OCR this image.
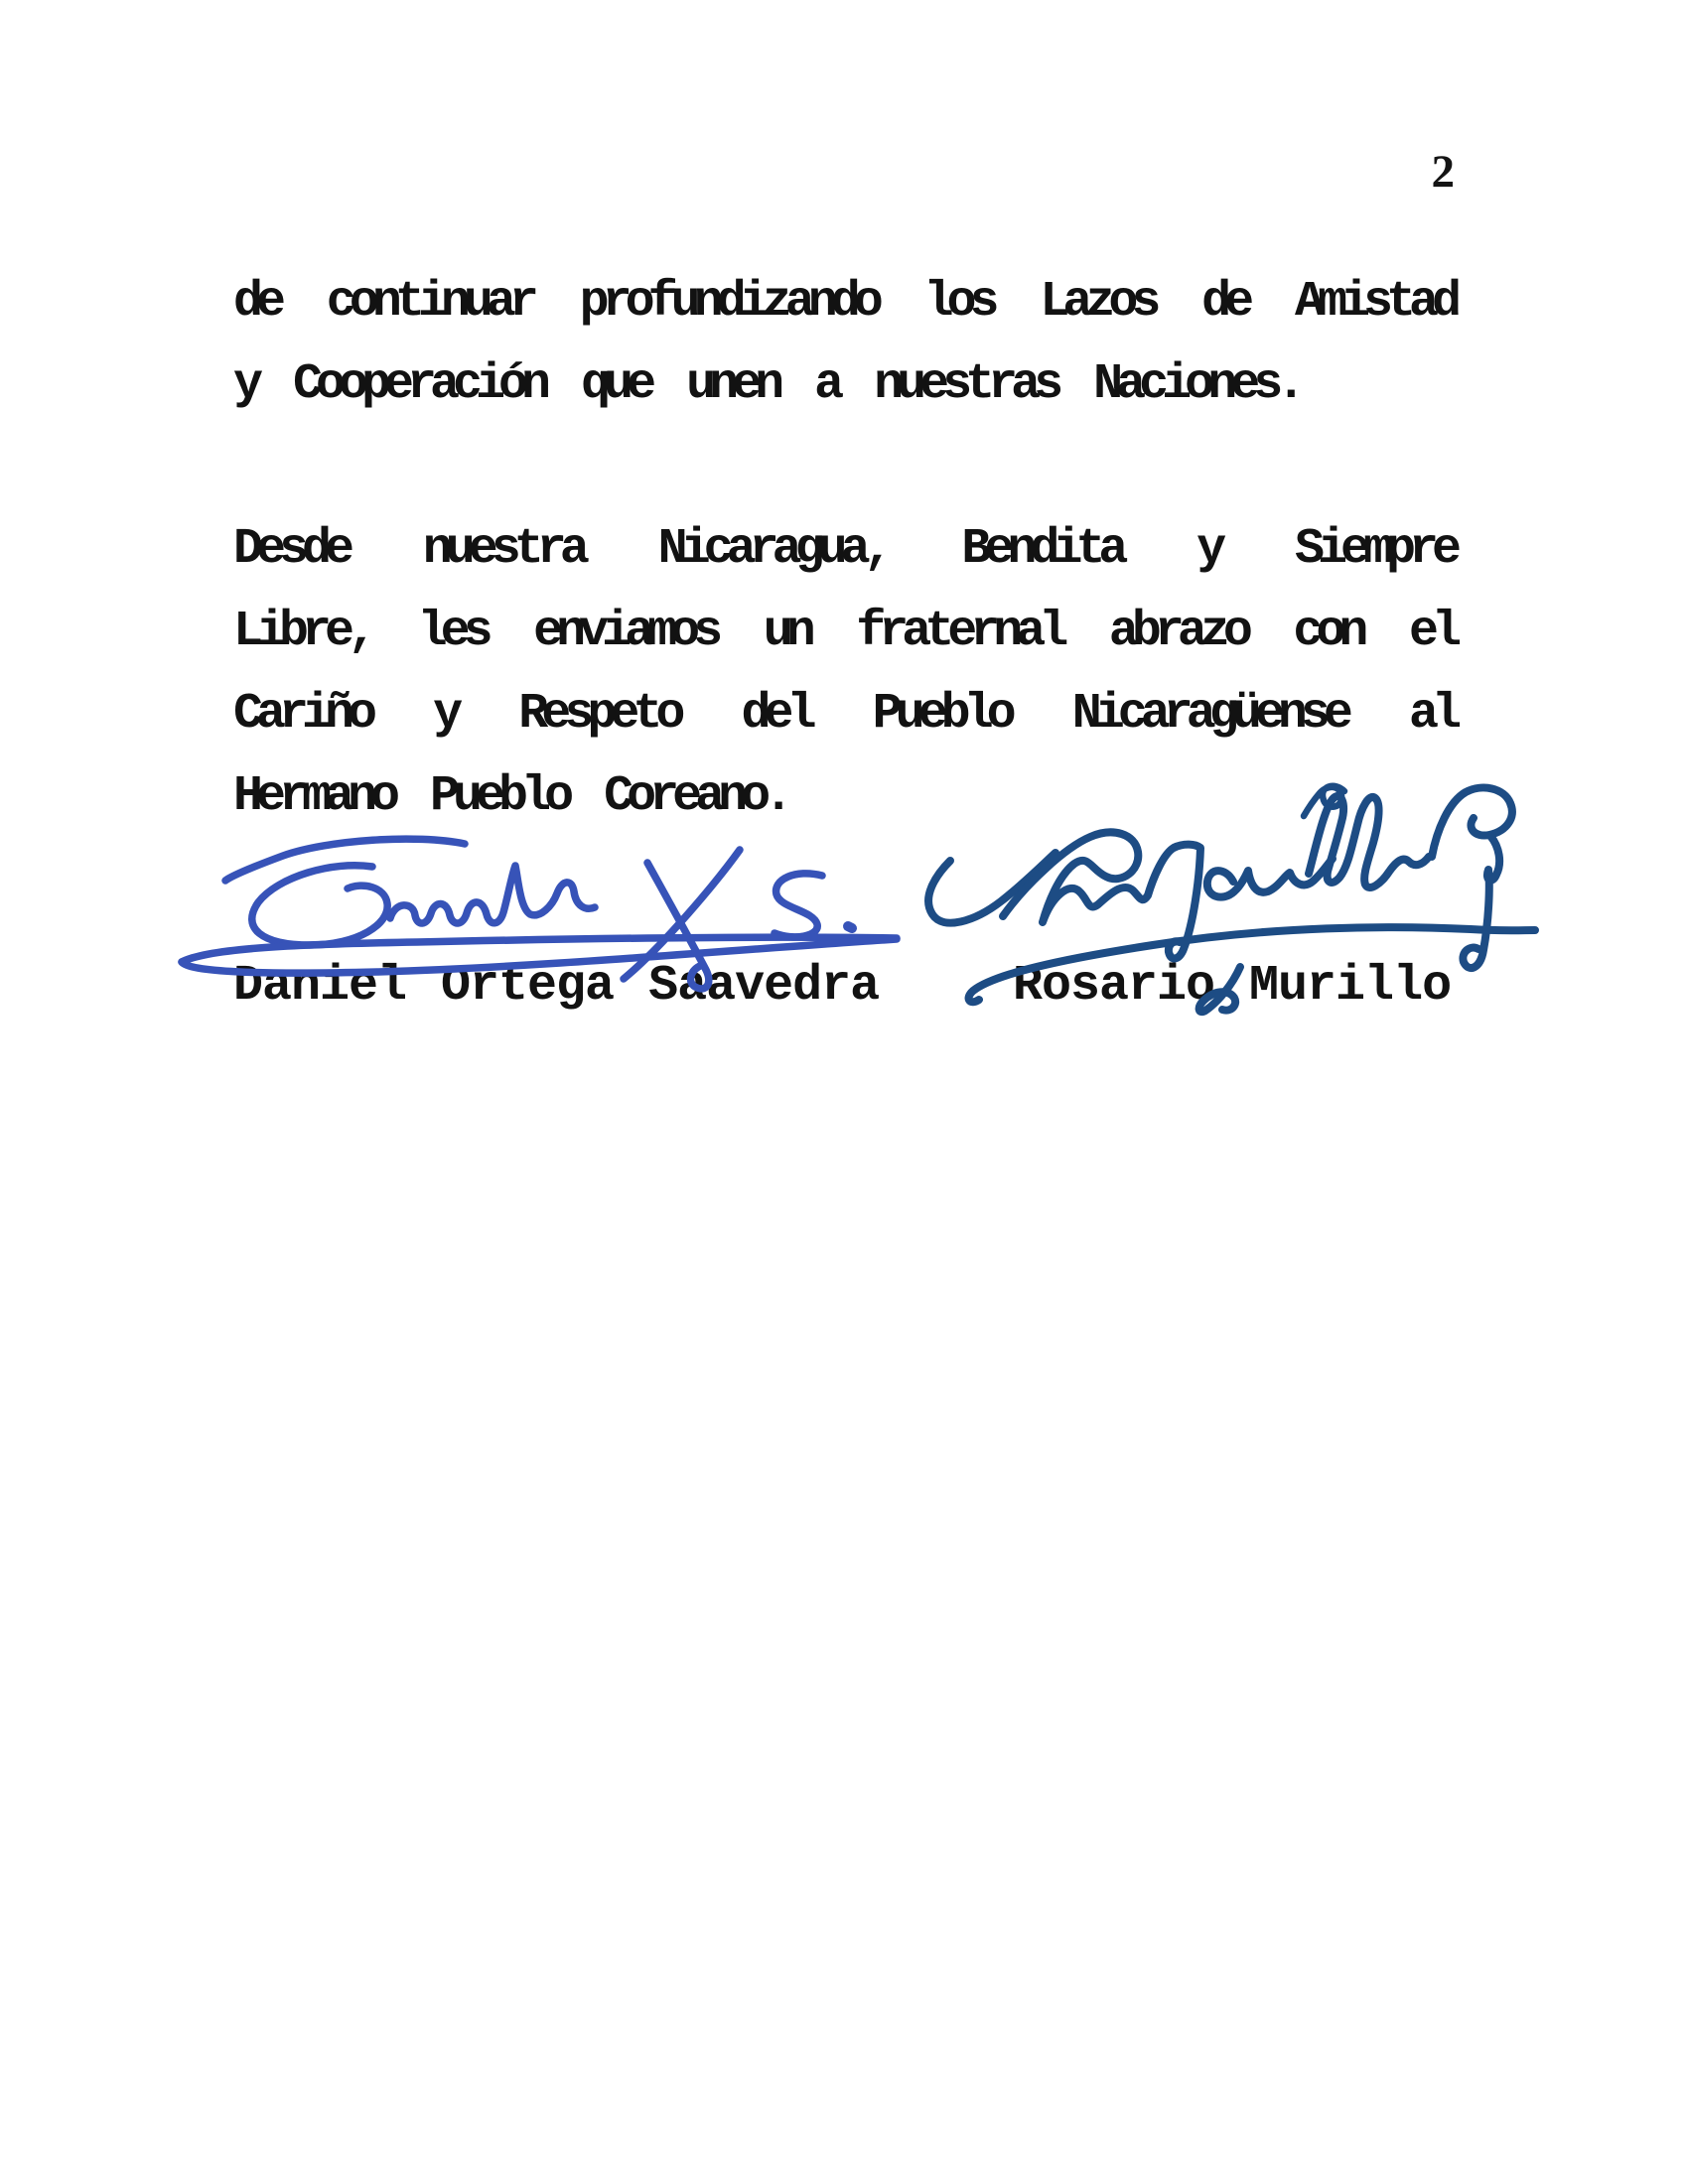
2
de continuar profundizando los Lazos de Amistad
y Cooperación que unen a nuestras Naciones.
Desde nuestra Nicaragua, Bendita y Siempre
Libre, les enviamos un fraternal abrazo con el
Cariño y Respeto del Pueblo Nicaragüense al
Hermano Pueblo Coreano.
Daniel Ortega Saavedra	Rosario Murillo
